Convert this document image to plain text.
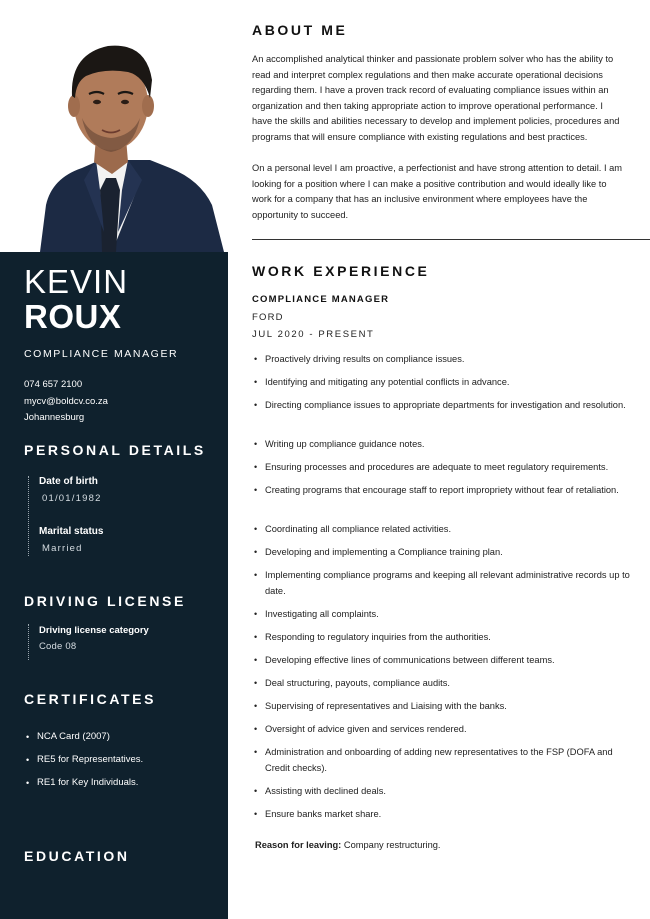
KEVIN
ROUX
COMPLIANCE MANAGER
074 657 2100
mycv@boldcv.co.za
Johannesburg
PERSONAL DETAILS
Date of birth
01/01/1982
Marital status
Married
DRIVING LICENSE
Driving license category
Code 08
CERTIFICATES
• NCA Card (2007)
• RE5 for Representatives.
• RE1 for Key Individuals.
EDUCATION
ABOUT ME

An accomplished analytical thinker and passionate problem solver who has the ability to read and interpret complex regulations and then make accurate operational decisions regarding them. I have a proven track record of evaluating compliance issues within an organization and then taking appropriate action to improve operational performance. I have the skills and abilities necessary to develop and implement policies, procedures and programs that will ensure compliance with existing regulations and best practices.

On a personal level I am proactive, a perfectionist and have strong attention to detail. I am looking for a position where I can make a positive contribution and would ideally like to work for a company that has an inclusive environment where employees have the opportunity to succeed.

WORK EXPERIENCE
COMPLIANCE MANAGER
FORD
JUL 2020 - PRESENT
• Proactively driving results on compliance issues.
• Identifying and mitigating any potential conflicts in advance.
• Directing compliance issues to appropriate departments for investigation and resolution.
• Writing up compliance guidance notes.
• Ensuring processes and procedures are adequate to meet regulatory requirements.
• Creating programs that encourage staff to report impropriety without fear of retaliation.
• Coordinating all compliance related activities.
• Developing and implementing a Compliance training plan.
• Implementing compliance programs and keeping all relevant administrative records up to date.
• Investigating all complaints.
• Responding to regulatory inquiries from the authorities.
• Developing effective lines of communications between different teams.
• Deal structuring, payouts, compliance audits.
• Supervising of representatives and Liaising with the banks.
• Oversight of advice given and services rendered.
• Administration and onboarding of adding new representatives to the FSP (DOFA and Credit checks).
• Assisting with declined deals.
• Ensure banks market share.
Reason for leaving: Company restructuring.
